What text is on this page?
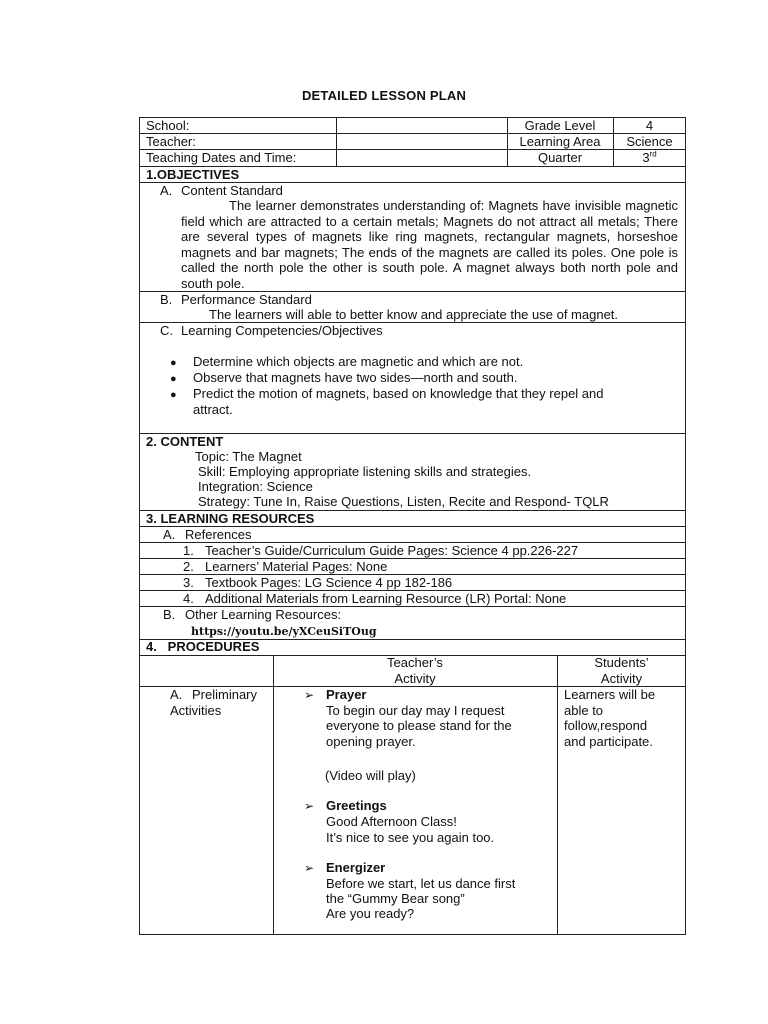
DETAILED LESSON PLAN
School:
Teacher:
Teaching Dates and Time:
Grade Level
Learning Area
Quarter
4
Science
3rd
1.OBJECTIVES
A. Content Standard
The learner demonstrates understanding of: Magnets have invisible magnetic field which are attracted to a certain metals; Magnets do not attract all metals; There are several types of magnets like ring magnets, rectangular magnets, horseshoe magnets and bar magnets; The ends of the magnets are called its poles. One pole is called the north pole the other is south pole. A magnet always both north pole and south pole.
B. Performance Standard
The learners will able to better know and appreciate the use of magnet.
C. Learning Competencies/Objectives
● Determine which objects are magnetic and which are not.
● Observe that magnets have two sides—north and south.
● Predict the motion of magnets, based on knowledge that they repel and
attract.
2. CONTENT
Topic: The Magnet
Skill: Employing appropriate listening skills and strategies.
Integration: Science
Strategy: Tune In, Raise Questions, Listen, Recite and Respond- TQLR
3. LEARNING RESOURCES
A. References
1. Teacher’s Guide/Curriculum Guide Pages: Science 4 pp.226-227
2. Learners’ Material Pages: None
3. Textbook Pages: LG Science 4 pp 182-186
4. Additional Materials from Learning Resource (LR) Portal: None
B. Other Learning Resources:
https://youtu.be/yXCeuSiTOug
4.   PROCEDURES
Teacher’s
Activity
Students’
Activity
A. Preliminary
Activities
➢ Prayer
To begin our day may I request
everyone to please stand for the
opening prayer.
(Video will play)
➢ Greetings
Good Afternoon Class!
It’s nice to see you again too.
➢ Energizer
Before we start, let us dance first
the “Gummy Bear song”
Are you ready?
Learners will be
able to
follow,respond
and participate.
